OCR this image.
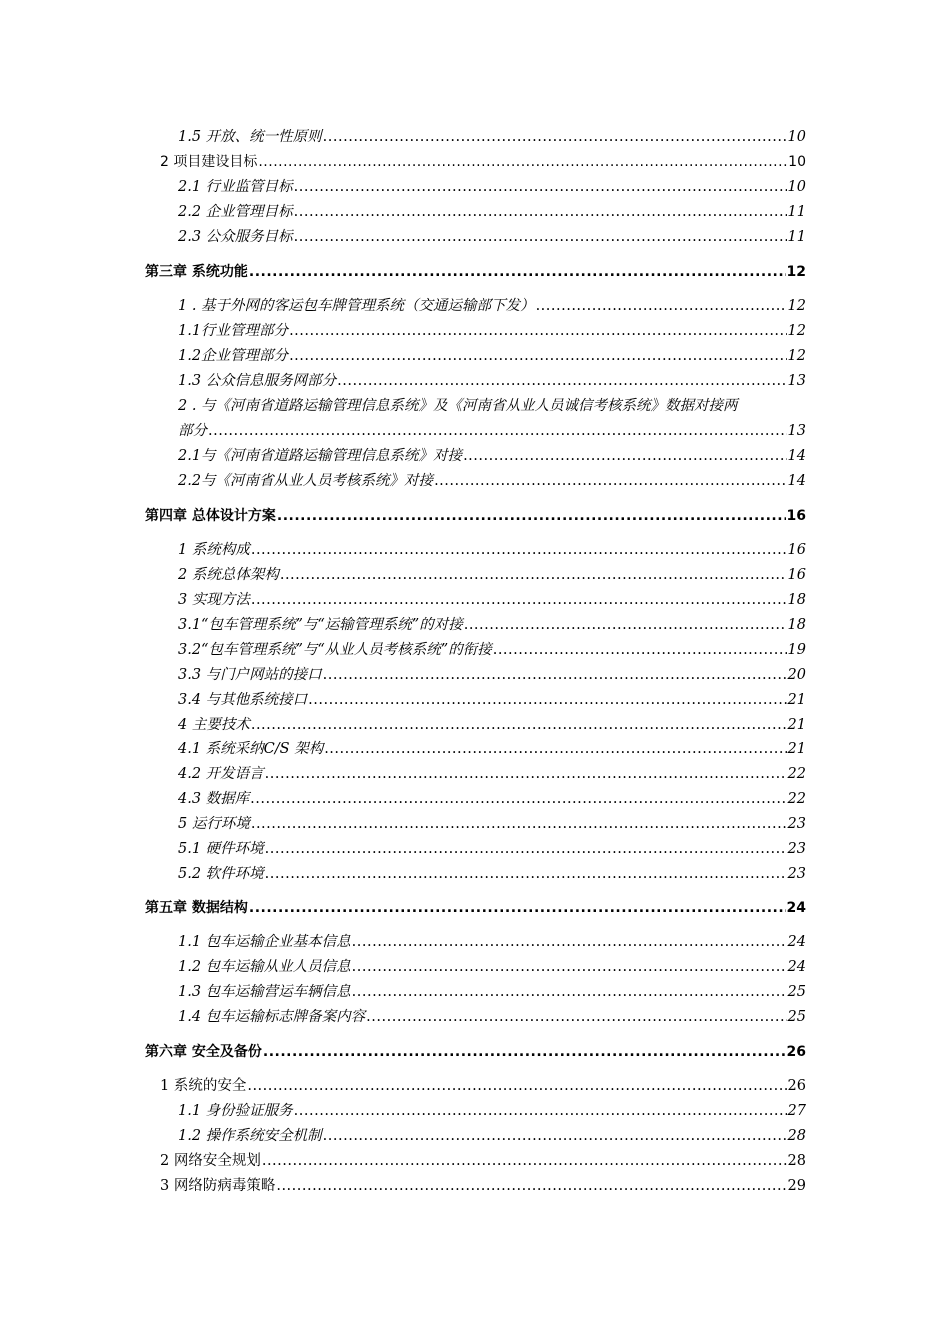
1.5 开放、统一性原则 .....	10
2 项目建设目标 .....	10
2.1 行业监管目标 .....	10
2.2 企业管理目标 .....	11
2.3 公众服务目标 .....	11
第三章 系统功能 .....	12
1 . 基于外网的客运包车牌管理系统（交通运输部下发） .....	12
1.1行业管理部分 .....	12
1.2企业管理部分 .....	12
1.3 公众信息服务网部分 .....	13
2 . 与《河南省道路运输管理信息系统》及《河南省从业人员诚信考核系统》数据对接两
部分 .....	13
2.1与《河南省道路运输管理信息系统》对接 .....	14
2.2与《河南省从业人员考核系统》对接 .....	14
第四章 总体设计方案 .....	16
1 系统构成 .....	16
2 系统总体架构 .....	16
3 实现方法 .....	18
3.1“包车管理系统”与“运输管理系统”的对接 .....	18
3.2“包车管理系统”与“从业人员考核系统”的衔接 .....	19
3.3 与门户网站的接口 .....	20
3.4 与其他系统接口 .....	21
4 主要技术 .....	21
4.1 系统采纳C/S 架构 .....	21
4.2 开发语言 .....	22
4.3 数据库 .....	22
5 运行环境 .....	23
5.1 硬件环境 .....	23
5.2 软件环境 .....	23
第五章 数据结构 .....	24
1.1 包车运输企业基本信息 .....	24
1.2 包车运输从业人员信息 .....	24
1.3 包车运输营运车辆信息 .....	25
1.4 包车运输标志牌备案内容 .....	25
第六章 安全及备份 .....	26
1 系统的安全 .....	26
1.1 身份验证服务 .....	27
1.2 操作系统安全机制 .....	28
2 网络安全规划 .....	28
3 网络防病毒策略 .....	29
